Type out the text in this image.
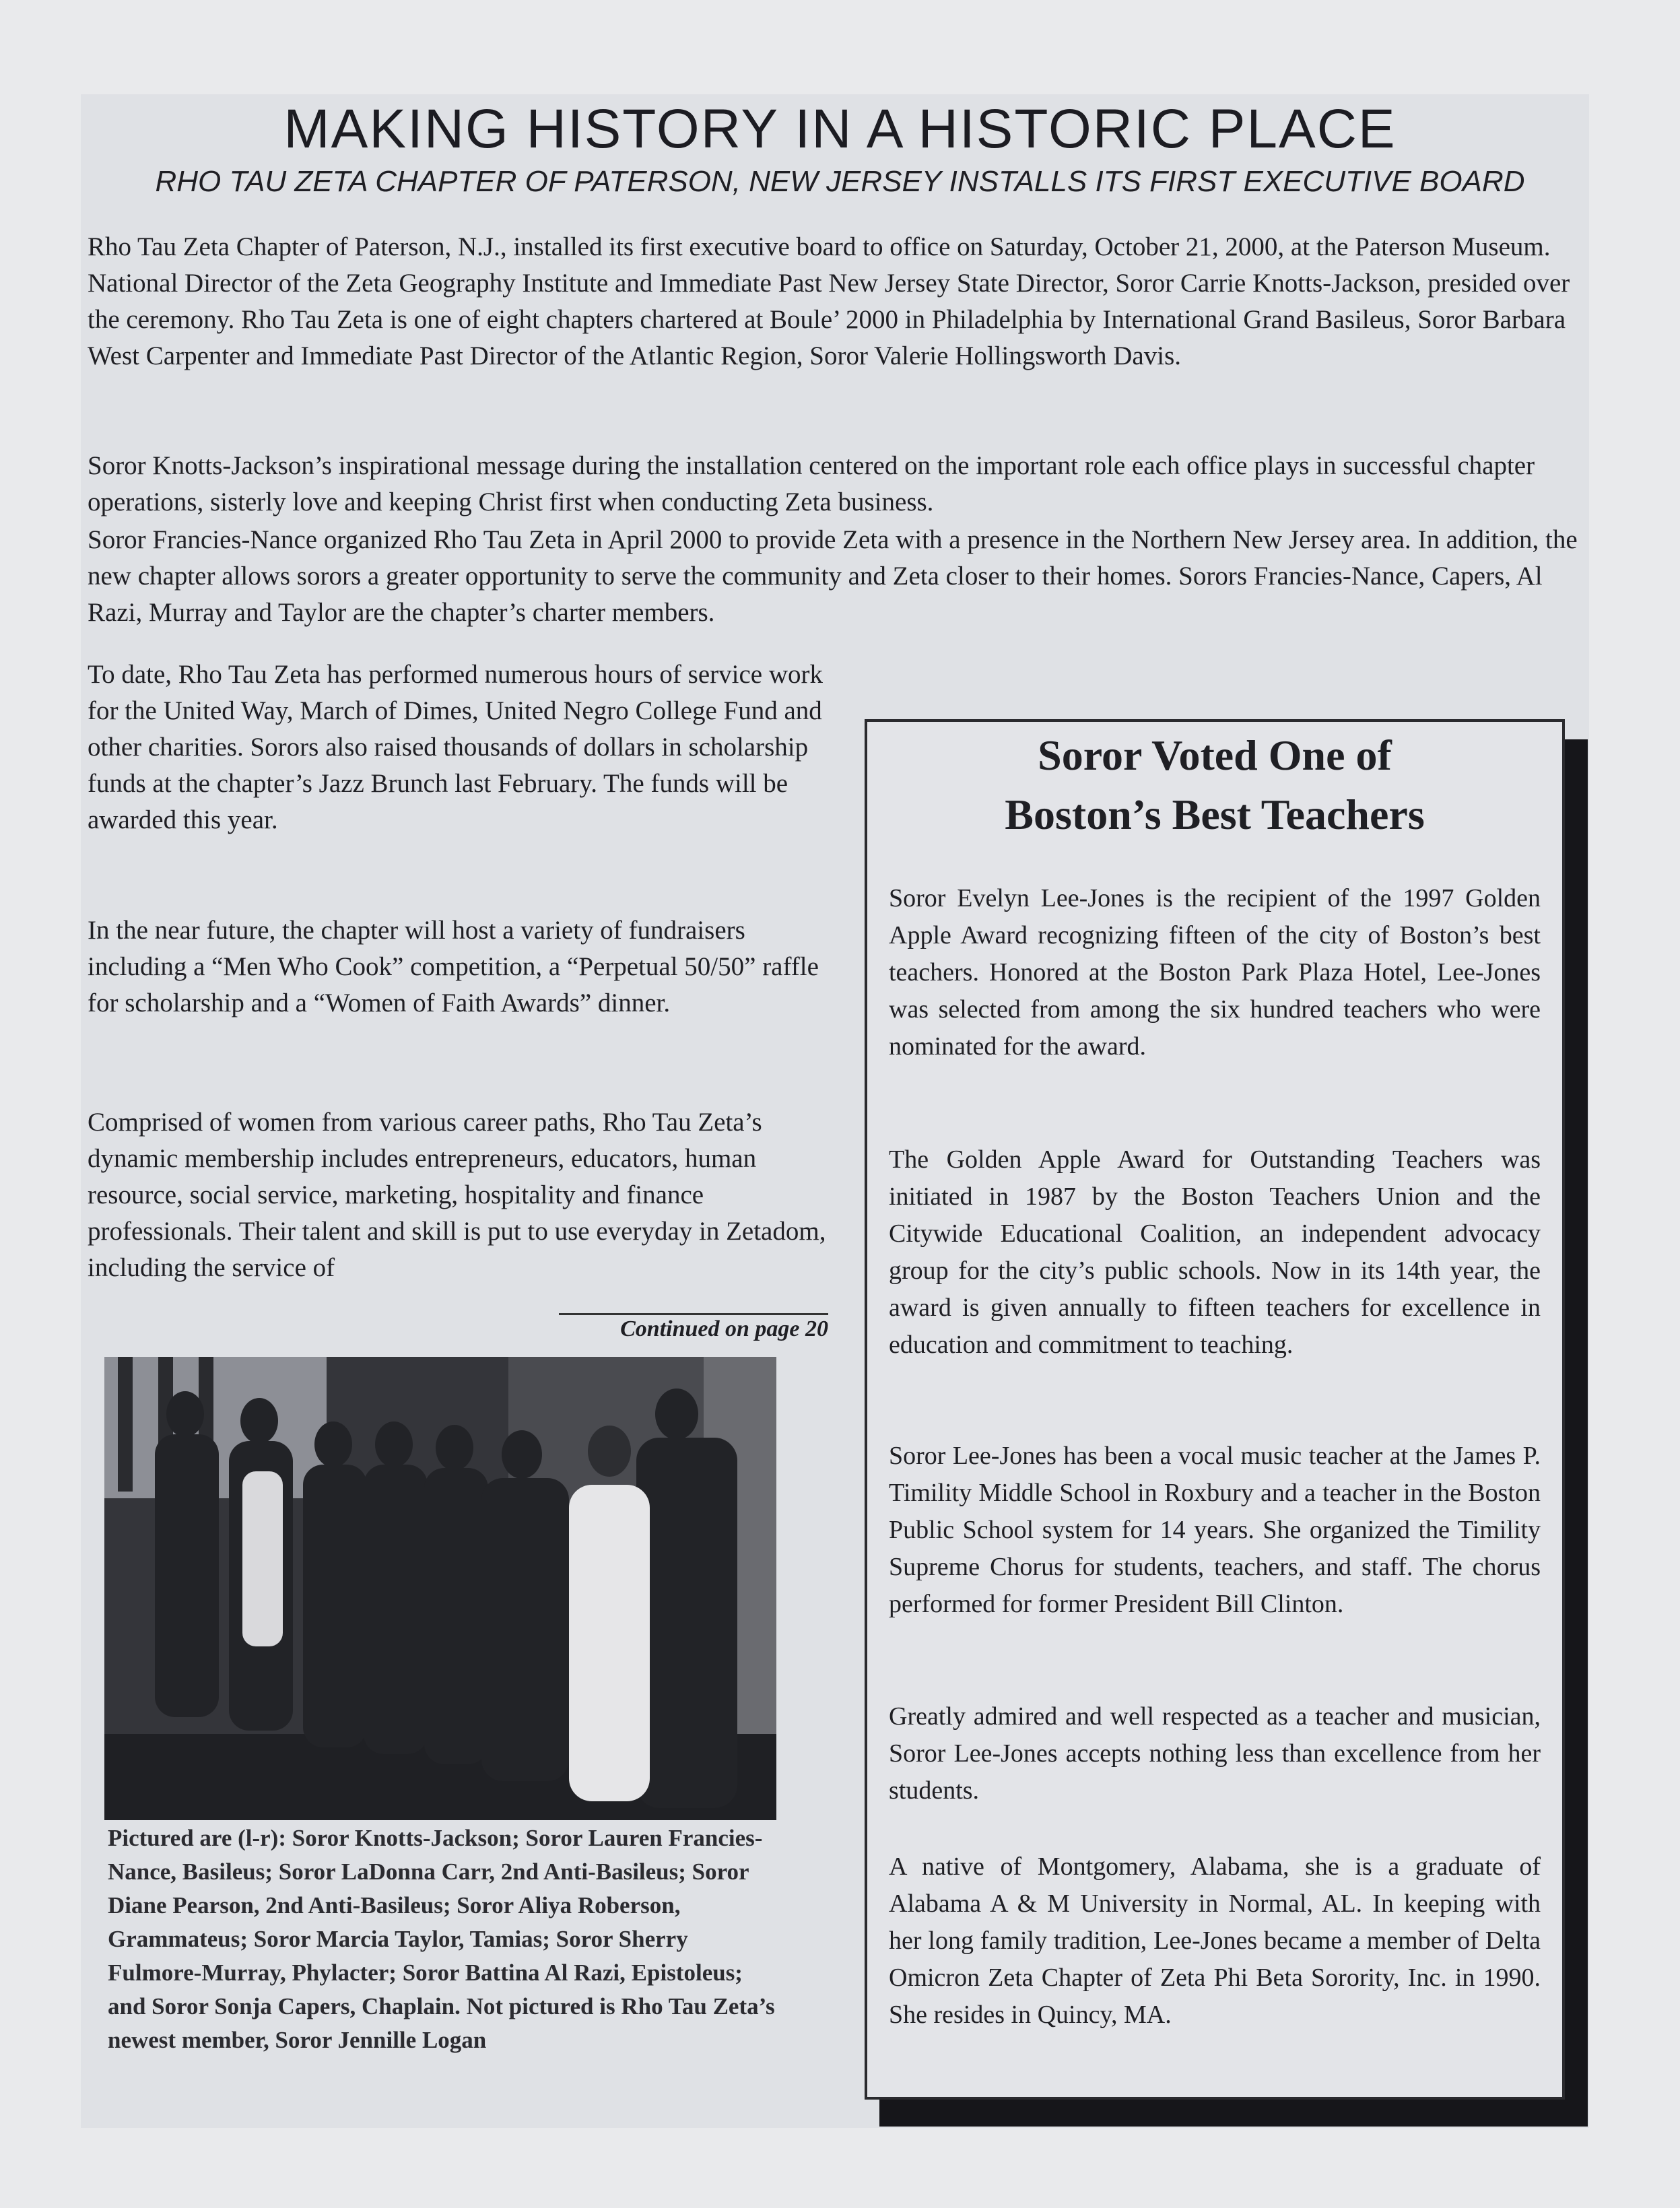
MAKING HISTORY IN A HISTORIC PLACE
RHO TAU ZETA CHAPTER OF PATERSON, NEW JERSEY INSTALLS ITS FIRST EXECUTIVE BOARD

Rho Tau Zeta Chapter of Paterson, N.J., installed its first executive board to office on Saturday, October 21, 2000, at the Paterson Museum. National Director of the Zeta Geography Institute and Immediate Past New Jersey State Director, Soror Carrie Knotts-Jackson, presided over the ceremony. Rho Tau Zeta is one of eight chapters chartered at Boule’ 2000 in Philadelphia by International Grand Basileus, Soror Barbara West Carpenter and Immediate Past Director of the Atlantic Region, Soror Valerie Hollingsworth Davis.

Soror Knotts-Jackson’s inspirational message during the installation centered on the important role each office plays in successful chapter operations, sisterly love and keeping Christ first when conducting Zeta business.

Soror Francies-Nance organized Rho Tau Zeta in April 2000 to provide Zeta with a presence in the Northern New Jersey area. In addition, the new chapter allows sorors a greater opportunity to serve the community and Zeta closer to their homes. Sorors Francies-Nance, Capers, Al Razi, Murray and Taylor are the chapter’s charter members.

To date, Rho Tau Zeta has performed numerous hours of service work for the United Way, March of Dimes, United Negro College Fund and other charities. Sorors also raised thousands of dollars in scholarship funds at the chapter’s Jazz Brunch last February. The funds will be awarded this year.

In the near future, the chapter will host a variety of fundraisers including a “Men Who Cook” competition, a “Perpetual 50/50” raffle for scholarship and a “Women of Faith Awards” dinner.

Comprised of women from various career paths, Rho Tau Zeta’s dynamic membership includes entrepreneurs, educators, human resource, social service, marketing, hospitality and finance professionals. Their talent and skill is put to use everyday in Zetadom, including the service of

Continued on page 20

Pictured are (l-r): Soror Knotts-Jackson; Soror Lauren Francies-Nance, Basileus; Soror LaDonna Carr, 2nd Anti-Basileus; Soror Diane Pearson, 2nd Anti-Basileus; Soror Aliya Roberson, Grammateus; Soror Marcia Taylor, Tamias; Soror Sherry Fulmore-Murray, Phylacter; Soror Battina Al Razi, Epistoleus; and Soror Sonja Capers, Chaplain. Not pictured is Rho Tau Zeta’s newest member, Soror Jennille Logan

Soror Voted One of
Boston’s Best Teachers

Soror Evelyn Lee-Jones is the recipient of the 1997 Golden Apple Award recognizing fifteen of the city of Boston’s best teachers. Honored at the Boston Park Plaza Hotel, Lee-Jones was selected from among the six hundred teachers who were nominated for the award.

The Golden Apple Award for Outstanding Teachers was initiated in 1987 by the Boston Teachers Union and the Citywide Educational Coalition, an independent advocacy group for the city’s public schools. Now in its 14th year, the award is given annually to fifteen teachers for excellence in education and commitment to teaching.

Soror Lee-Jones has been a vocal music teacher at the James P. Timility Middle School in Roxbury and a teacher in the Boston Public School system for 14 years. She organized the Timility Supreme Chorus for students, teachers, and staff. The chorus performed for former President Bill Clinton.

Greatly admired and well respected as a teacher and musician, Soror Lee-Jones accepts nothing less than excellence from her students.

A native of Montgomery, Alabama, she is a graduate of Alabama A & M University in Normal, AL. In keeping with her long family tradition, Lee-Jones became a member of Delta Omicron Zeta Chapter of Zeta Phi Beta Sorority, Inc. in 1990. She resides in Quincy, MA.
